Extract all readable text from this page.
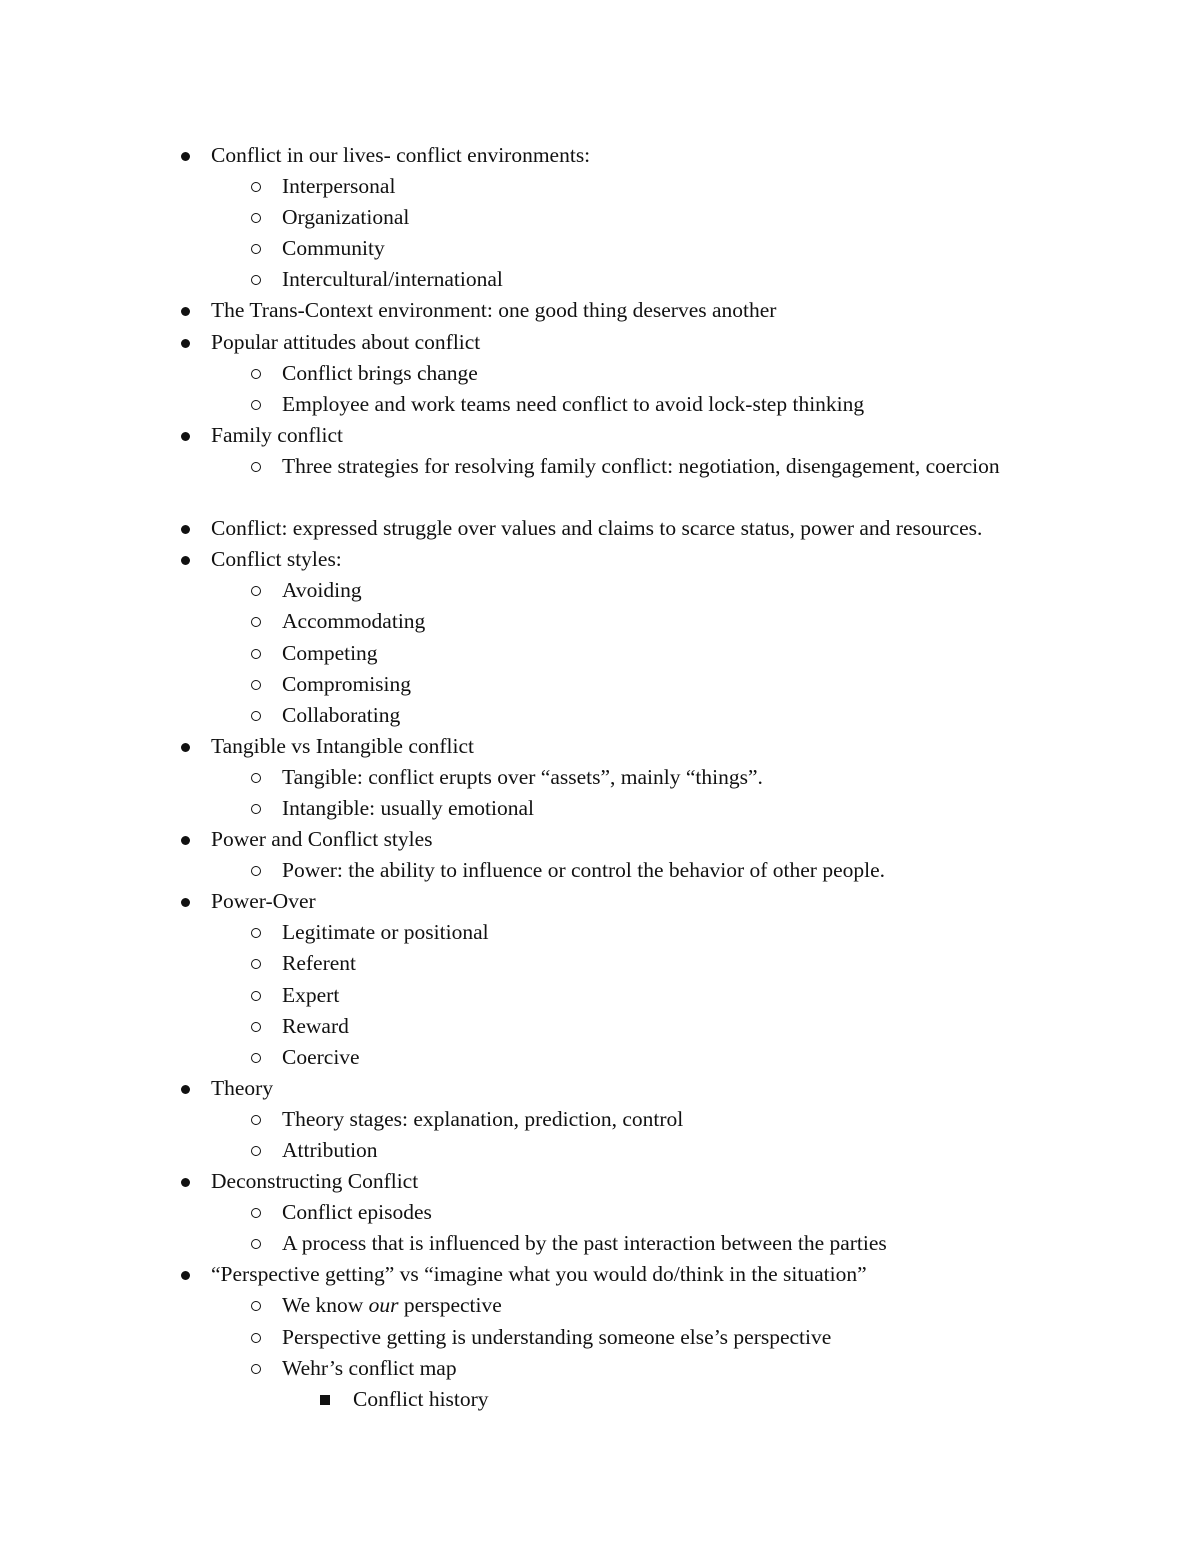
Conflict in our lives- conflict environments:
Interpersonal
Organizational
Community
Intercultural/international
The Trans-Context environment: one good thing deserves another
Popular attitudes about conflict
Conflict brings change
Employee and work teams need conflict to avoid lock-step thinking
Family conflict
Three strategies for resolving family conflict: negotiation, disengagement, coercion
Conflict: expressed struggle over values and claims to scarce status, power and resources.
Conflict styles:
Avoiding
Accommodating
Competing
Compromising
Collaborating
Tangible vs Intangible conflict
Tangible: conflict erupts over “assets”, mainly “things”.
Intangible: usually emotional
Power and Conflict styles
Power: the ability to influence or control the behavior of other people.
Power-Over
Legitimate or positional
Referent
Expert
Reward
Coercive
Theory
Theory stages: explanation, prediction, control
Attribution
Deconstructing Conflict
Conflict episodes
A process that is influenced by the past interaction between the parties
“Perspective getting” vs “imagine what you would do/think in the situation”
We know our perspective
Perspective getting is understanding someone else’s perspective
Wehr’s conflict map
Conflict history
